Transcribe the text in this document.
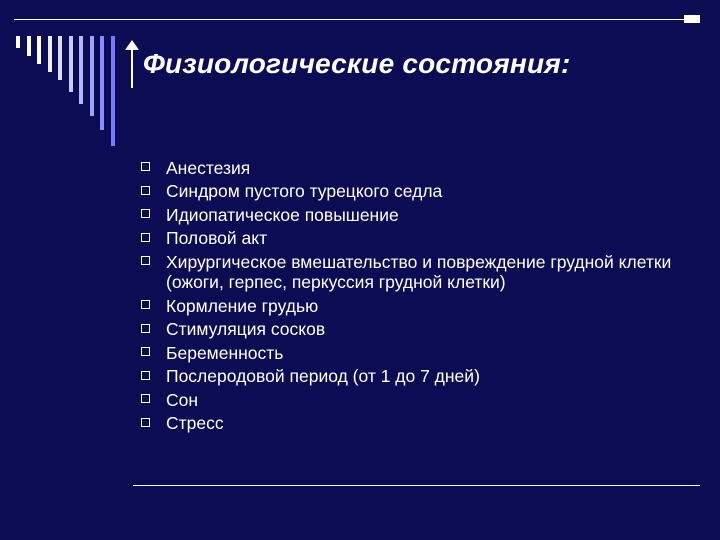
Физиологические состояния:
Анестезия
Синдром пустого турецкого седла
Идиопатическое повышение
Половой акт
Хирургическое вмешательство и повреждение грудной клетки (ожоги, герпес, перкуссия грудной клетки)
Кормление грудью
Стимуляция сосков
Беременность
Послеродовой период (от 1 до 7 дней)
Сон
Стресс
